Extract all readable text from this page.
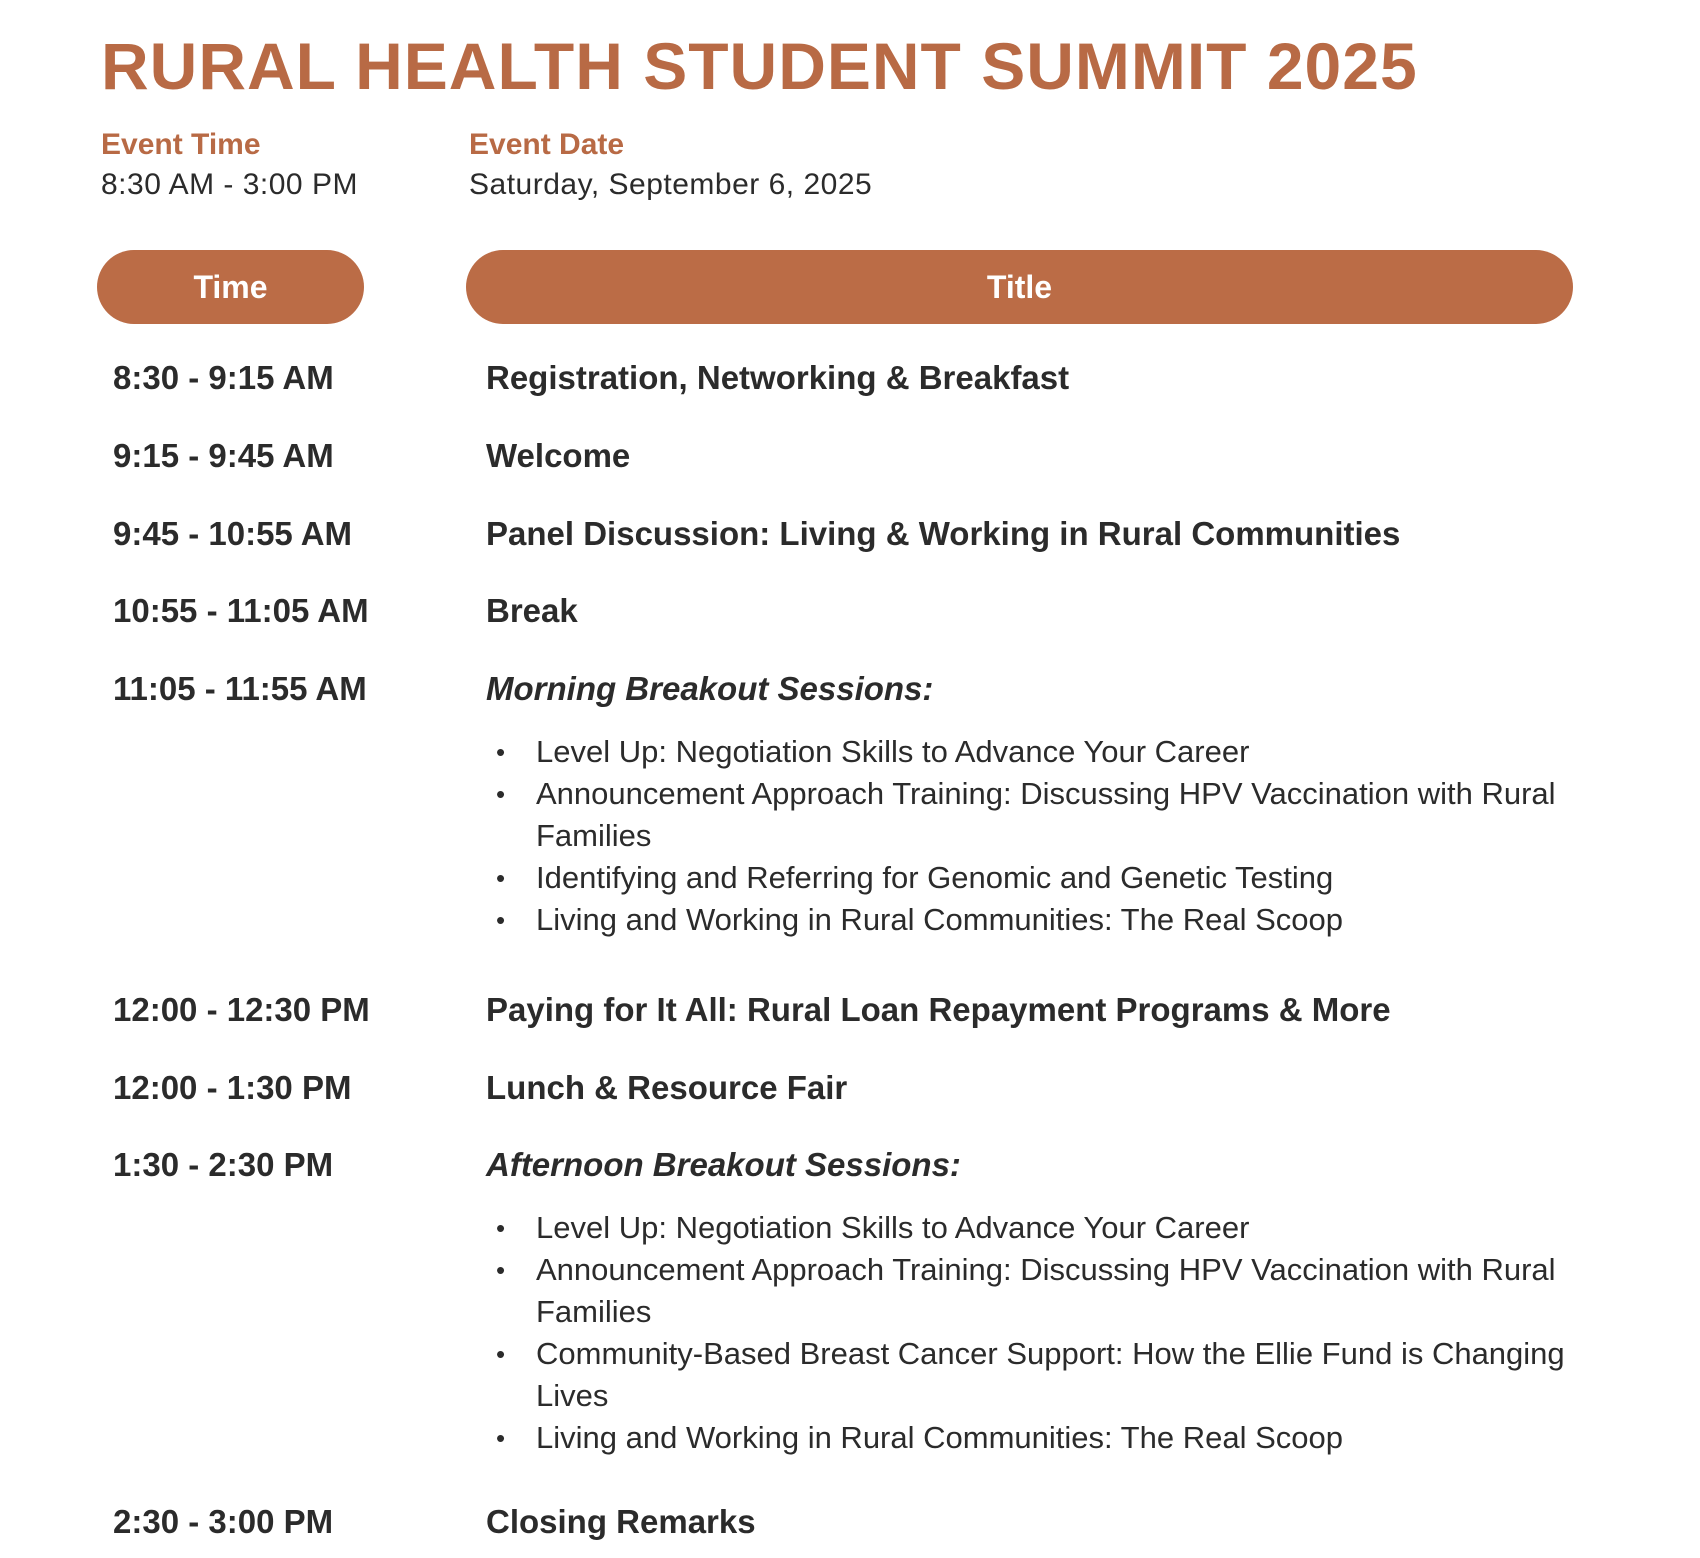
RURAL HEALTH STUDENT SUMMIT 2025
Event Time
8:30 AM - 3:00 PM
Event Date
Saturday, September 6, 2025
Time	Title
8:30 - 9:15 AM	Registration, Networking & Breakfast
9:15 - 9:45 AM	Welcome
9:45 - 10:55 AM	Panel Discussion: Living & Working in Rural Communities
10:55 - 11:05 AM	Break
11:05 - 11:55 AM	Morning Breakout Sessions:
• Level Up: Negotiation Skills to Advance Your Career
• Announcement Approach Training: Discussing HPV Vaccination with Rural Families
• Identifying and Referring for Genomic and Genetic Testing
• Living and Working in Rural Communities: The Real Scoop
12:00 - 12:30 PM	Paying for It All: Rural Loan Repayment Programs & More
12:00 - 1:30 PM	Lunch & Resource Fair
1:30 - 2:30 PM	Afternoon Breakout Sessions:
• Level Up: Negotiation Skills to Advance Your Career
• Announcement Approach Training: Discussing HPV Vaccination with Rural Families
• Community-Based Breast Cancer Support: How the Ellie Fund is Changing Lives
• Living and Working in Rural Communities: The Real Scoop
2:30 - 3:00 PM	Closing Remarks
